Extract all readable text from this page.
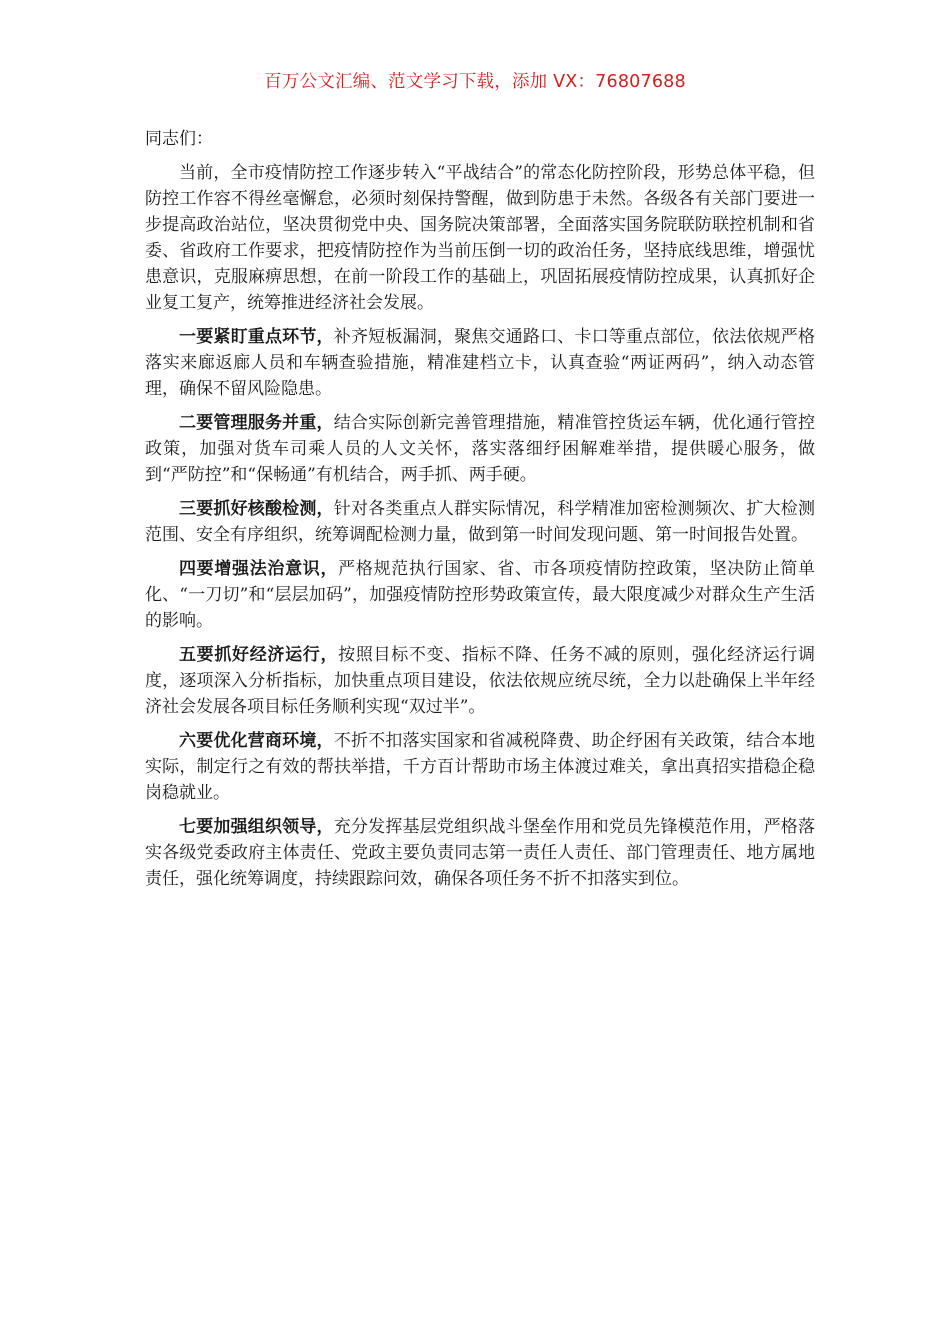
百万公文汇编、范文学习下载，添加 VX：76807688

同志们：

当前，全市疫情防控工作逐步转入“平战结合”的常态化防控阶段，形势总体平稳，但防控工作容不得丝毫懈怠，必须时刻保持警醒，做到防患于未然。各级各有关部门要进一步提高政治站位，坚决贯彻党中央、国务院决策部署，全面落实国务院联防联控机制和省委、省政府工作要求，把疫情防控作为当前压倒一切的政治任务，坚持底线思维，增强忧患意识，克服麻痹思想，在前一阶段工作的基础上，巩固拓展疫情防控成果，认真抓好企业复工复产，统筹推进经济社会发展。

一要紧盯重点环节，补齐短板漏洞，聚焦交通路口、卡口等重点部位，依法依规严格落实来廊返廊人员和车辆查验措施，精准建档立卡，认真查验“两证两码”，纳入动态管理，确保不留风险隐患。

二要管理服务并重，结合实际创新完善管理措施，精准管控货运车辆，优化通行管控政策，加强对货车司乘人员的人文关怀，落实落细纾困解难举措，提供暖心服务，做到“严防控”和“保畅通”有机结合，两手抓、两手硬。

三要抓好核酸检测，针对各类重点人群实际情况，科学精准加密检测频次、扩大检测范围、安全有序组织，统筹调配检测力量，做到第一时间发现问题、第一时间报告处置。

四要增强法治意识，严格规范执行国家、省、市各项疫情防控政策，坚决防止简单化、“一刀切”和“层层加码”，加强疫情防控形势政策宣传，最大限度减少对群众生产生活的影响。

五要抓好经济运行，按照目标不变、指标不降、任务不减的原则，强化经济运行调度，逐项深入分析指标，加快重点项目建设，依法依规应统尽统，全力以赴确保上半年经济社会发展各项目标任务顺利实现“双过半”。

六要优化营商环境，不折不扣落实国家和省减税降费、助企纾困有关政策，结合本地实际，制定行之有效的帮扶举措，千方百计帮助市场主体渡过难关，拿出真招实措稳企稳岗稳就业。

七要加强组织领导，充分发挥基层党组织战斗堡垒作用和党员先锋模范作用，严格落实各级党委政府主体责任、党政主要负责同志第一责任人责任、部门管理责任、地方属地责任，强化统筹调度，持续跟踪问效，确保各项任务不折不扣落实到位。
